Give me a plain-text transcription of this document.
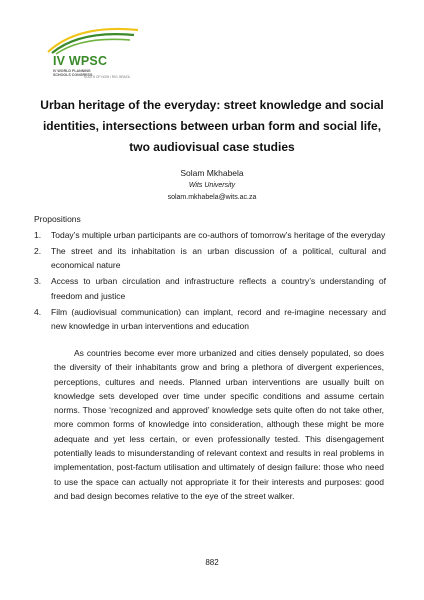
IV WPSC
IV WORLD PLANNING
SCHOOLS CONGRESS
SOUTH OF NOW / RIO, BRAZIL
Urban heritage of the everyday: street knowledge and social identities, intersections between urban form and social life, two audiovisual case studies
Solam Mkhabela
Wits University
solam.mkhabela@wits.ac.za
Propositions
1. Today’s multiple urban participants are co-authors of tomorrow’s heritage of the everyday
2. The street and its inhabitation is an urban discussion of a political, cultural and economical nature
3. Access to urban circulation and infrastructure reflects a country’s understanding of freedom and justice
4. Film (audiovisual communication) can implant, record and re-imagine necessary and new knowledge in urban interventions and education

As countries become ever more urbanized and cities densely populated, so does the diversity of their inhabitants grow and bring a plethora of divergent experiences, perceptions, cultures and needs. Planned urban interventions are usually built on knowledge sets developed over time under specific conditions and assume certain norms. Those ‘recognized and approved’ knowledge sets quite often do not take other, more common forms of knowledge into consideration, although these might be more adequate and yet less certain, or even professionally tested. This disengagement potentially leads to misunderstanding of relevant context and results in real problems in implementation, post-factum utilisation and ultimately of design failure: those who need to use the space can actually not appropriate it for their interests and purposes: good and bad design becomes relative to the eye of the street walker.

882
